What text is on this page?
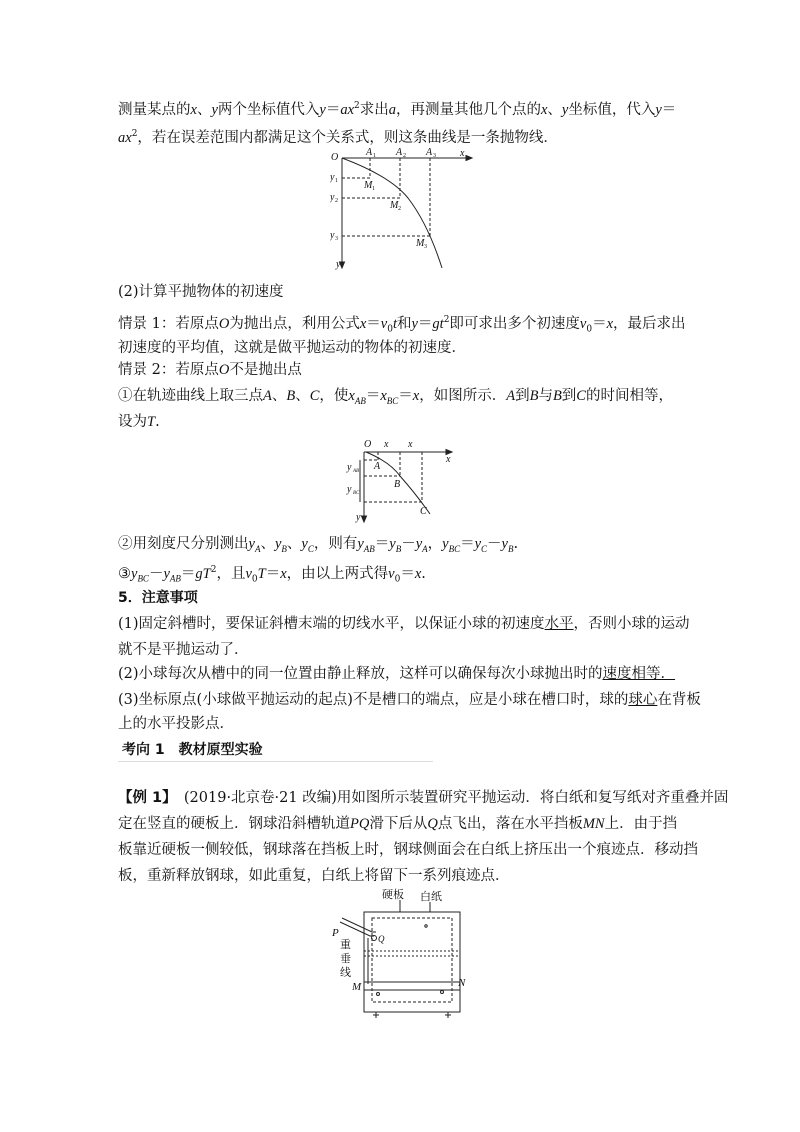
测量某点的x、y两个坐标值代入$y=ax^2$求出a，再测量其他几个点的x、y坐标值，代入y＝
$ax^2$，若在误差范围内都满足这个关系式，则这条曲线是一条抛物线．
O	A 1 A 2 A 3 x
y 1
y 2
y 3
M 1
M 2
M 3
y
(2)计算平抛物体的初速度
情景 1：若原点O为抛出点，利用公式$x=v_0t$和$y=gt^2$即可求出多个初速度$v_0=x$，最后求出
初速度的平均值，这就是做平抛运动的物体的初速度．
情景 2：若原点O不是抛出点
①在轨迹曲线上取三点A、B、C，使$x_{AB}=x_{BC}=x$，如图所示．A到B与B到C的时间相等，
设为T.
O x x
x
y AB
y BC
A
B
C
y
②用刻度尺分别测出$y_A$、$y_B$、$y_C$，则有$y_{AB}=y_B-y_A$，$y_{BC}=y_C-y_B$.
$③y_{BC}-y_{AB}=gT^2$，且$v_0T=x$，由以上两式得$v_0=x$.
5．注意事项
(1)固定斜槽时，要保证斜槽末端的切线水平，以保证小球的初速度水平，否则小球的运动
就不是平抛运动了．
(2)小球每次从槽中的同一位置由静止释放，这样可以确保每次小球抛出时的速度相等．
(3)坐标原点(小球做平抛运动的起点)不是槽口的端点，应是小球在槽口时，球的球心在背板
上的水平投影点．
考向 1　教材原型实验
【例 1】　(2019·北京卷·21 改编)用如图所示装置研究平抛运动．将白纸和复写纸对齐重叠并固
定在竖直的硬板上．钢球沿斜槽轨道PQ滑下后从Q点飞出，落在水平挡板MN上．由于挡
板靠近硬板一侧较低，钢球落在挡板上时，钢球侧面会在白纸上挤压出一个痕迹点．移动挡
板，重新释放钢球，如此重复，白纸上将留下一系列痕迹点．
硬板 白纸
P	Q
重
垂
线
M	N
